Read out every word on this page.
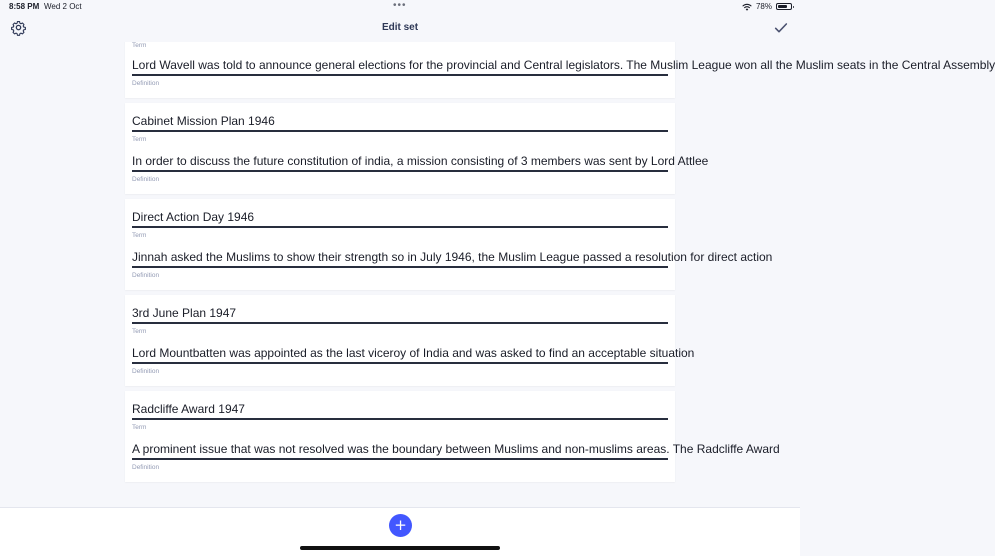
Term
Lord Wavell was told to announce general elections for the provincial and Central legislators. The Muslim League won all the Muslim seats in the Central Assembly
Definition
Cabinet Mission Plan 1946
Term
In order to discuss the future constitution of india, a mission consisting of 3 members was sent by Lord Attlee
Definition
Direct Action Day 1946
Term
Jinnah asked the Muslims to show their strength so in July 1946, the Muslim League passed a resolution for direct action
Definition
3rd June Plan 1947
Term
Lord Mountbatten was appointed as the last viceroy of India and was asked to find an acceptable situation
Definition
Radcliffe Award 1947
Term
A prominent issue that was not resolved was the boundary between Muslims and non-muslims areas. The Radcliffe Award
Definition
Edit set
8:58 PM Wed 2 Oct	•••	78%
+
